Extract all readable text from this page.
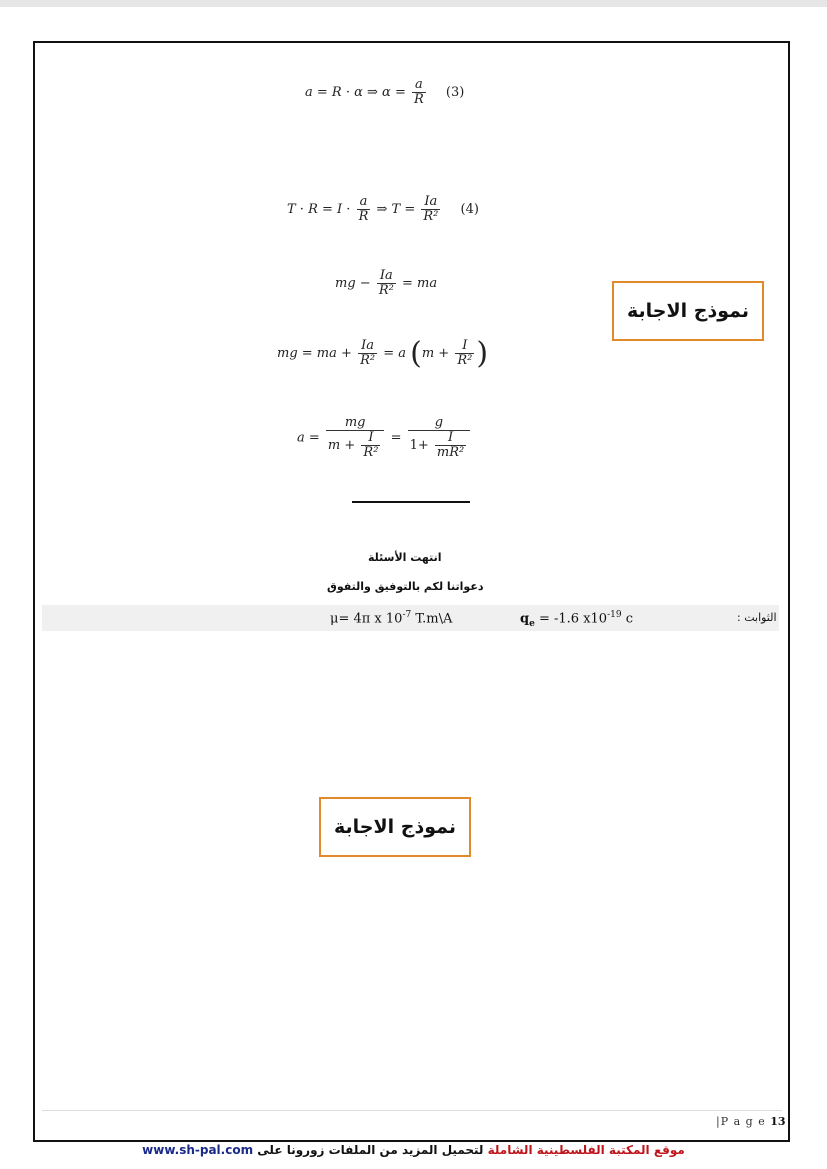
a = R · α ⇒ $\alpha = \frac{a}{R} (3)$
$T \cdot R = I \cdot \frac{a}{R}$ ⇒ $T = \frac{Ia}{\text{R²}} (4)$
mg − $\frac{Ia}{\text{R²}}$ = ma
mg = ma + $\frac{Ia}{\text{R²}} = a$ ($m + \frac{I}{\text{R²}}$ )
$a = \frac{mg}{m + \frac{I}{\text{R²}}} = \frac{g}{1+ \frac{I}{\text{mR²}}}$
نموذج الاجابة
انتهت الأسئلة
دعواتنا لكم بالتوفيق والتفوق
μ= 4π x $10^{-7}$ T.m\A	$q_e = -1.6$ $x10^{-19}$ c	الثوابت :
نموذج الاجابة
|P a g e 13
www.sh-pal.com	موقع المكتبة الفلسطينية الشاملة لتحميل المزيد من الملفات زورونا على
